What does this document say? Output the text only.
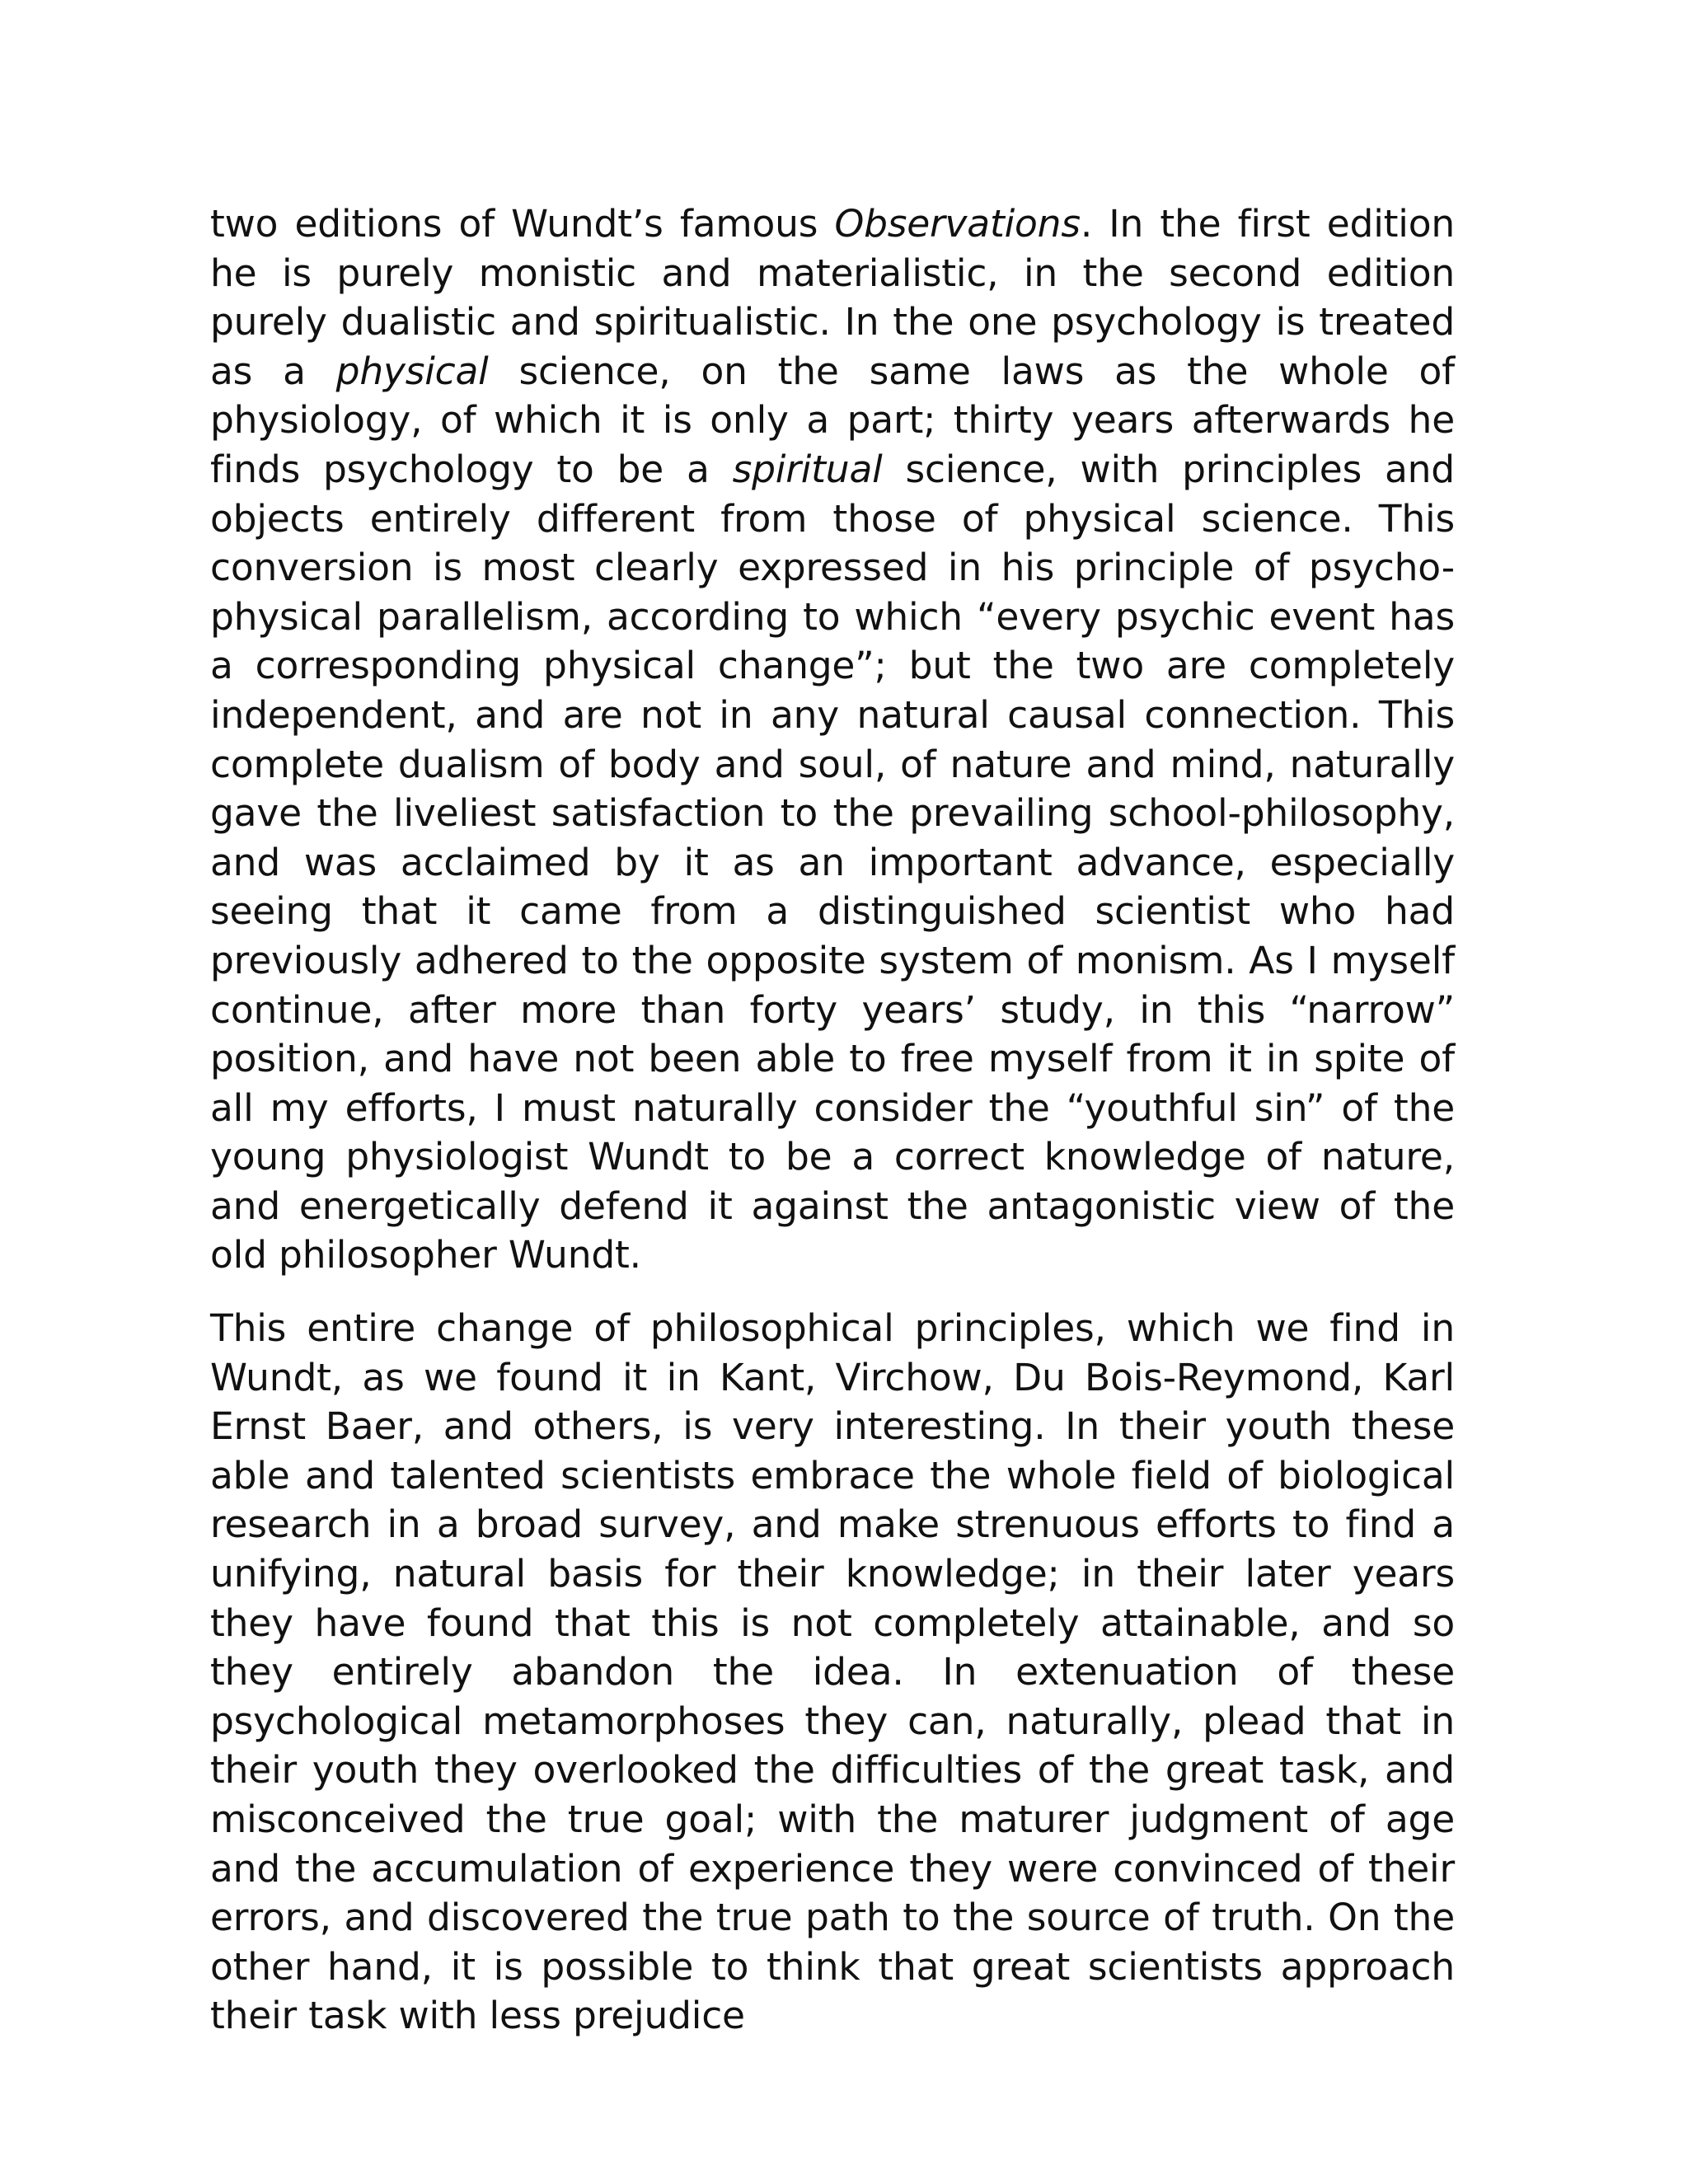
two editions of Wundt’s famous Observations. In the first edition he is purely monistic and materialistic, in the second edition purely dualistic and spiritualistic. In the one psychology is treated as a physical science, on the same laws as the whole of physiology, of which it is only a part; thirty years afterwards he finds psychology to be a spiritual science, with principles and objects entirely different from those of physical science. This conversion is most clearly expressed in his principle of psycho-physical parallelism, according to which “every psychic event has a corresponding physical change”; but the two are completely independent, and are not in any natural causal connection. This complete dualism of body and soul, of nature and mind, naturally gave the liveliest satisfaction to the prevailing school-philosophy, and was acclaimed by it as an important advance, especially seeing that it came from a distinguished scientist who had previously adhered to the opposite system of monism. As I myself continue, after more than forty years’ study, in this “narrow” position, and have not been able to free myself from it in spite of all my efforts, I must naturally consider the “youthful sin” of the young physiologist Wundt to be a correct knowledge of nature, and energetically defend it against the antagonistic view of the old philosopher Wundt.

This entire change of philosophical principles, which we find in Wundt, as we found it in Kant, Virchow, Du Bois-Reymond, Karl Ernst Baer, and others, is very interesting. In their youth these able and talented scientists embrace the whole field of biological research in a broad survey, and make strenuous efforts to find a unifying, natural basis for their knowledge; in their later years they have found that this is not completely attainable, and so they entirely abandon the idea. In extenuation of these psychological metamorphoses they can, naturally, plead that in their youth they overlooked the difficulties of the great task, and misconceived the true goal; with the maturer judgment of age and the accumulation of experience they were convinced of their errors, and discovered the true path to the source of truth. On the other hand, it is possible to think that great scientists approach their task with less prejudice
